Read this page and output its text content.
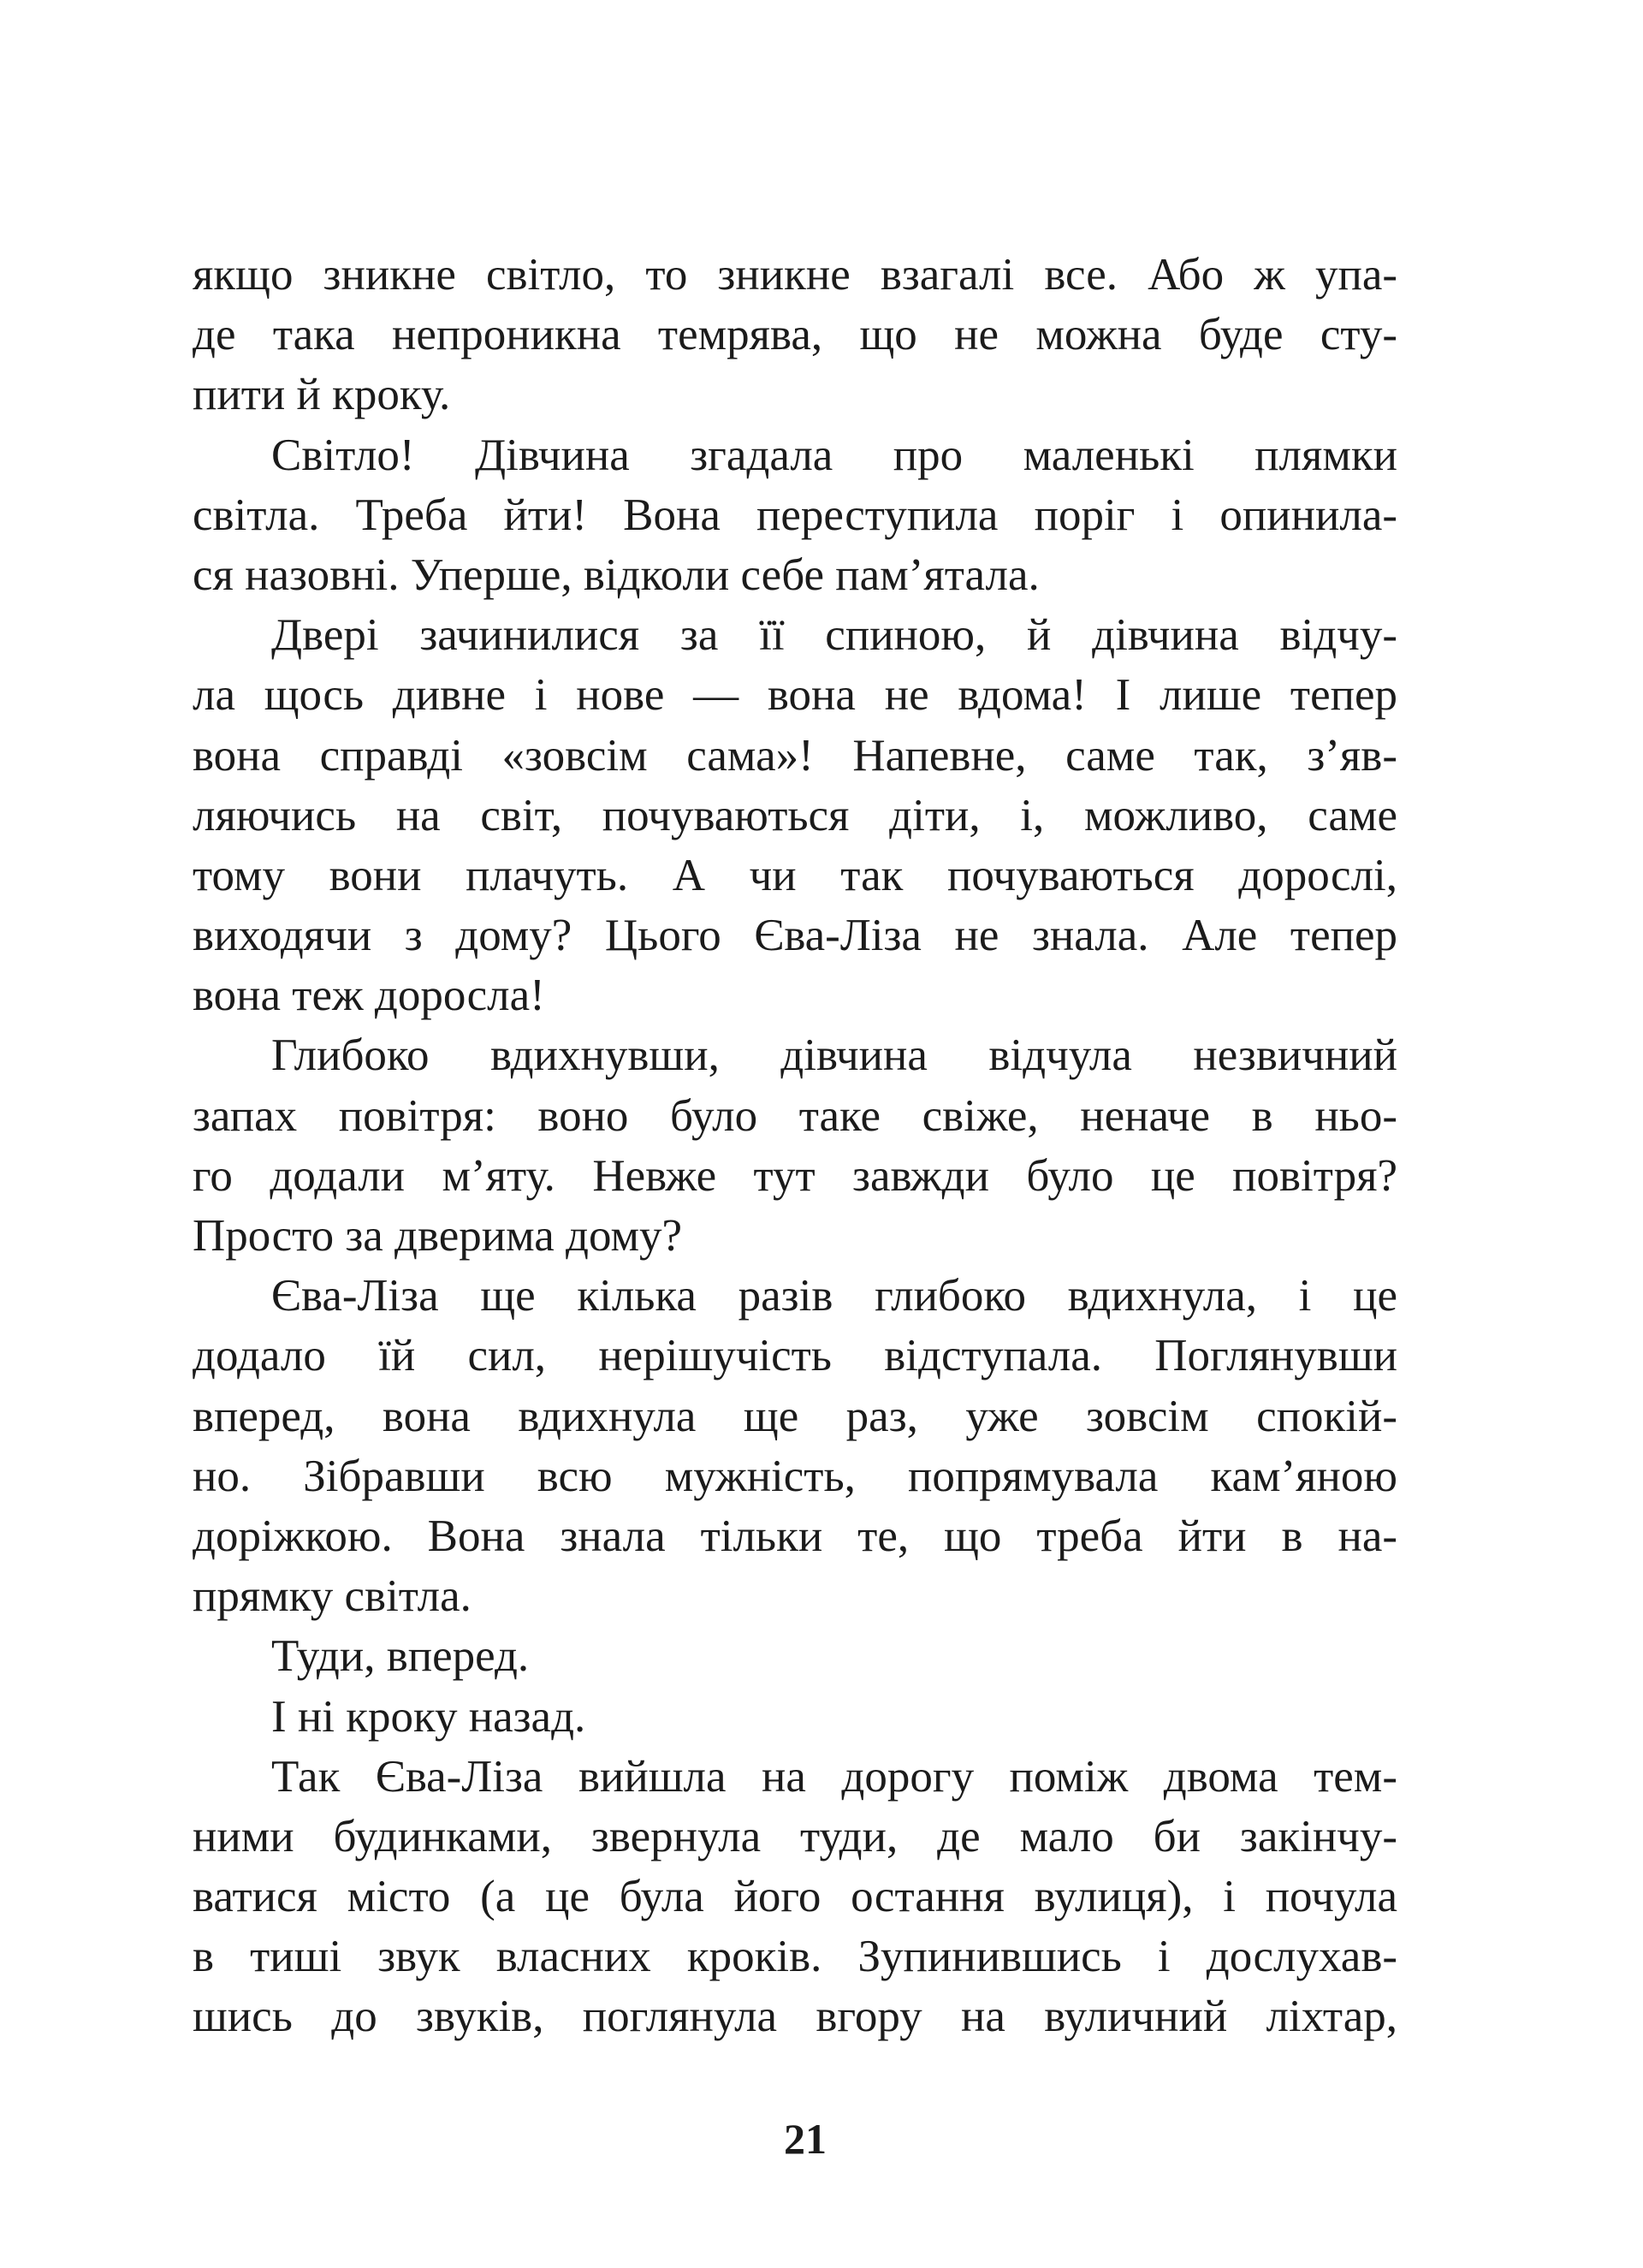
якщо зникне світло, то зникне взагалі все. Або ж упа-
де така непроникна темрява, що не можна буде сту-
пити й кроку.
Світло! Дівчина згадала про маленькі плямки
світла. Треба йти! Вона переступила поріг і опинила-
ся назовні. Уперше, відколи себе пам’ятала.
Двері зачинилися за її спиною, й дівчина відчу-
ла щось дивне і нове — вона не вдома! І лише тепер
вона справді «зовсім сама»! Напевне, саме так, з’яв-
ляючись на світ, почуваються діти, і, можливо, саме
тому вони плачуть. А чи так почуваються дорослі,
виходячи з дому? Цього Єва-Ліза не знала. Але тепер
вона теж доросла!
Глибоко вдихнувши, дівчина відчула незвичний
запах повітря: воно було таке свіже, неначе в ньо-
го додали м’яту. Невже тут завжди було це повітря?
Просто за дверима дому?
Єва-Ліза ще кілька разів глибоко вдихнула, і це
додало їй сил, нерішучість відступала. Поглянувши
вперед, вона вдихнула ще раз, уже зовсім спокій-
но. Зібравши всю мужність, попрямувала кам’яною
доріжкою. Вона знала тільки те, що треба йти в на-
прямку світла.
Туди, вперед.
І ні кроку назад.
Так Єва-Ліза вийшла на дорогу поміж двома тем-
ними будинками, звернула туди, де мало би закінчу-
ватися місто (а це була його остання вулиця), і почула
в тиші звук власних кроків. Зупинившись і дослухав-
шись до звуків, поглянула вгору на вуличний ліхтар,
21
